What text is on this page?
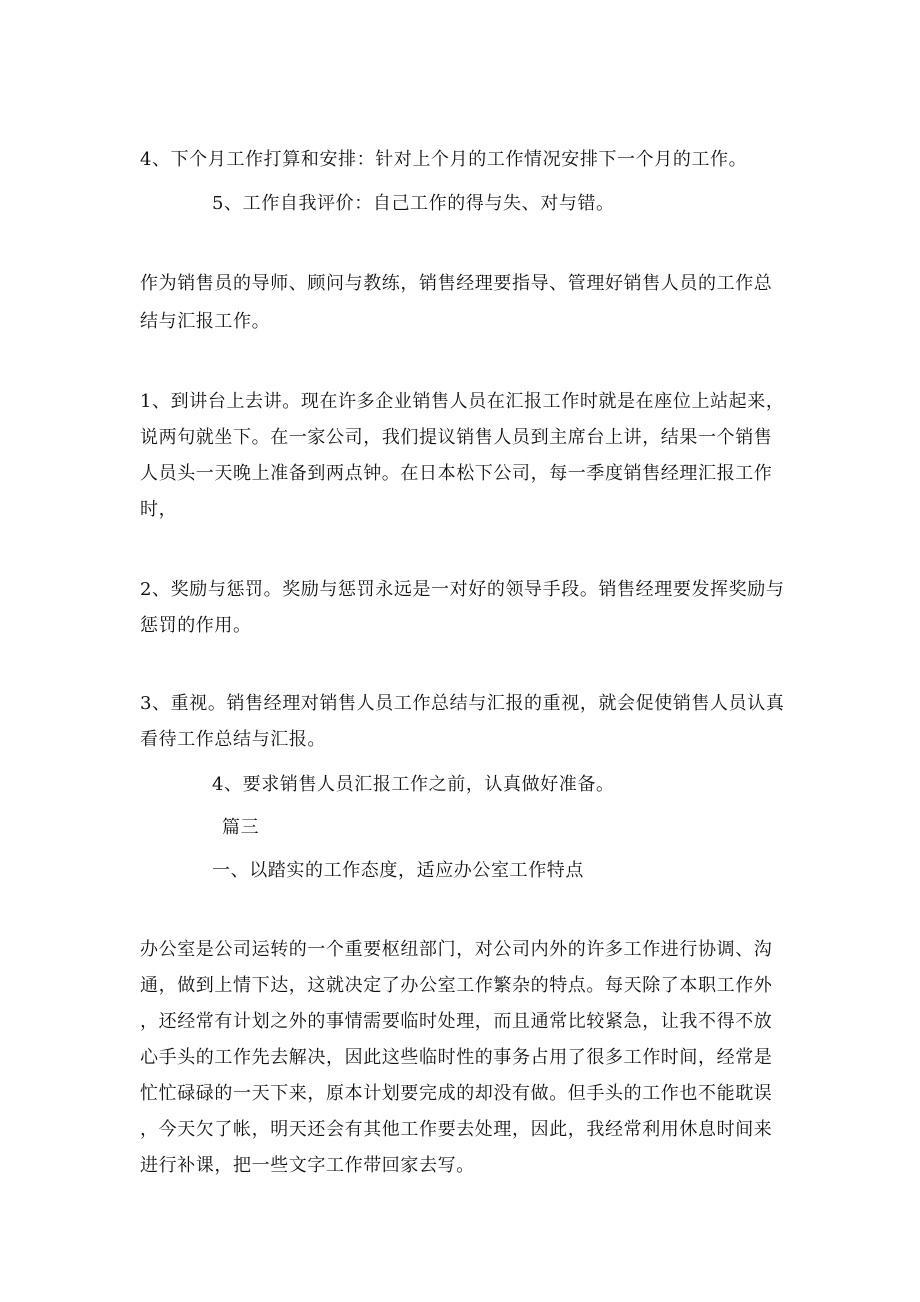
4、下个月工作打算和安排：针对上个月的工作情况安排下一个月的工作。
5、工作自我评价：自己工作的得与失、对与错。
作为销售员的导师、顾问与教练，销售经理要指导、管理好销售人员的工作总
结与汇报工作。
1、到讲台上去讲。现在许多企业销售人员在汇报工作时就是在座位上站起来，
说两句就坐下。在一家公司，我们提议销售人员到主席台上讲，结果一个销售
人员头一天晚上准备到两点钟。在日本松下公司，每一季度销售经理汇报工作
时，
2、奖励与惩罚。奖励与惩罚永远是一对好的领导手段。销售经理要发挥奖励与
惩罚的作用。
3、重视。销售经理对销售人员工作总结与汇报的重视，就会促使销售人员认真
看待工作总结与汇报。
4、要求销售人员汇报工作之前，认真做好准备。
篇三
一、以踏实的工作态度，适应办公室工作特点
办公室是公司运转的一个重要枢纽部门，对公司内外的许多工作进行协调、沟
通，做到上情下达，这就决定了办公室工作繁杂的特点。每天除了本职工作外
，还经常有计划之外的事情需要临时处理，而且通常比较紧急，让我不得不放
心手头的工作先去解决，因此这些临时性的事务占用了很多工作时间，经常是
忙忙碌碌的一天下来，原本计划要完成的却没有做。但手头的工作也不能耽误
，今天欠了帐，明天还会有其他工作要去处理，因此，我经常利用休息时间来
进行补课，把一些文字工作带回家去写。
